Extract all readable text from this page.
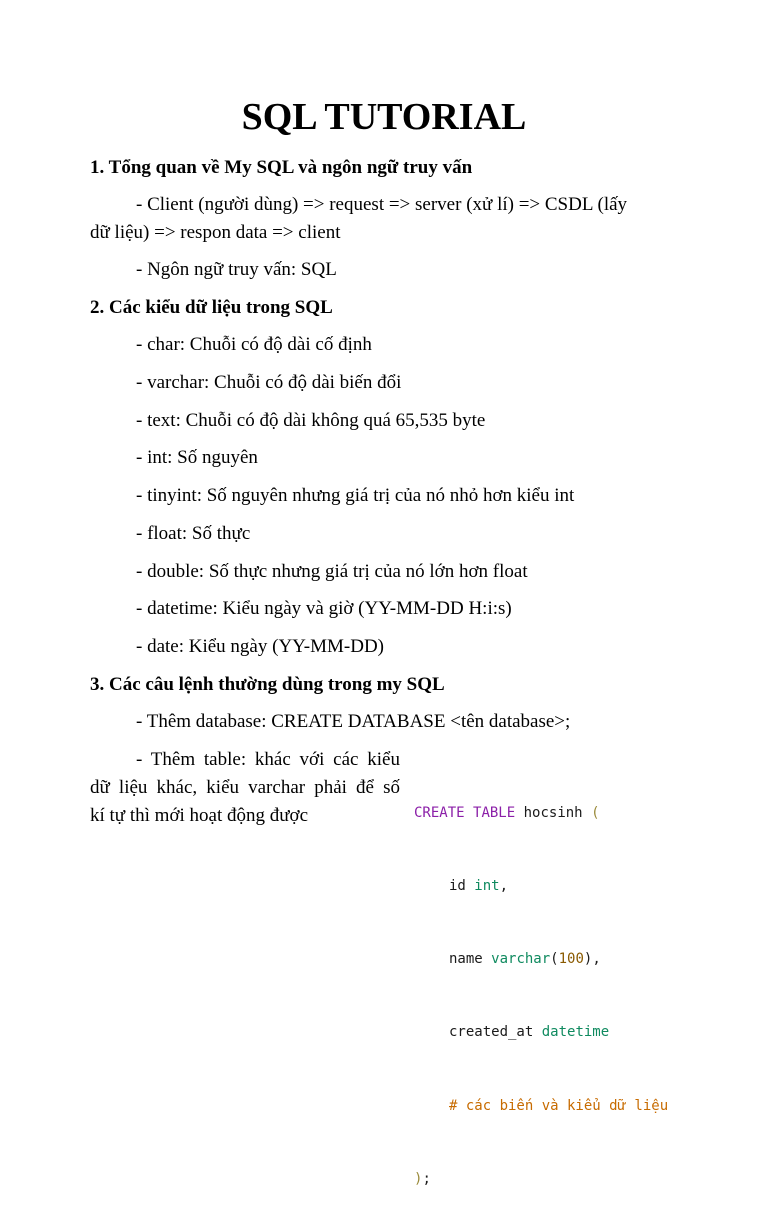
SQL TUTORIAL
1. Tổng quan về My SQL và ngôn ngữ truy vấn
- Client (người dùng) => request => server (xử lí) => CSDL (lấy
dữ liệu) => respon data => client
- Ngôn ngữ truy vấn: SQL
2. Các kiểu dữ liệu trong SQL
- char: Chuỗi có độ dài cố định
- varchar: Chuỗi có độ dài biến đổi
- text: Chuỗi có độ dài không quá 65,535 byte
- int: Số nguyên
- tinyint: Số nguyên nhưng giá trị của nó nhỏ hơn kiểu int
- float: Số thực
- double: Số thực nhưng giá trị của nó lớn hơn float
- datetime: Kiểu ngày và giờ (YY-MM-DD H:i:s)
- date: Kiểu ngày (YY-MM-DD)
3. Các câu lệnh thường dùng trong my SQL
- Thêm database: CREATE DATABASE <tên database>;
- Thêm table: khác với các kiểu
dữ liệu khác, kiểu varchar phải để số
kí tự thì mới hoạt động được

	CREATE TABLE hocsinh (

id int,

name varchar(100),

created_at datetime

# các biến và kiểu dữ liệu

);
